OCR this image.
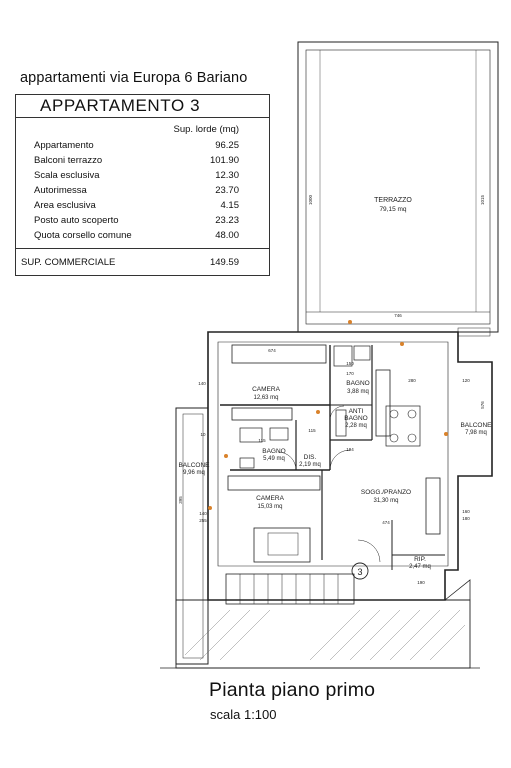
TERRAZZO
79,15 mq
CAMERA
12,63 mq
BAGNO
3,88 mq
ANTI
BAGNO
2,28 mq	BALCONE
7,98 mq
BAGNO
5,49 mq	DIS.
2,19 mq
BALCONE
9,96 mq
CAMERA
15,03 mq
SOGG./PRANZO
31,30 mq
RIP.
2,47 mq
3
1000	1015
746
674
280
140
120
576
190
474
194
115
10
160
395
150
140
170
255
115
180
appartamenti via Europa 6 Bariano
APPARTAMENTO 3
Sup. lorde (mq)
Appartamento	96.25
Balconi terrazzo	101.90
Scala esclusiva	12.30
Autorimessa	23.70
Area esclusiva	4.15
Posto auto scoperto	23.23
Quota corsello comune	48.00
SUP. COMMERCIALE	149.59
Pianta piano primo
scala 1:100
